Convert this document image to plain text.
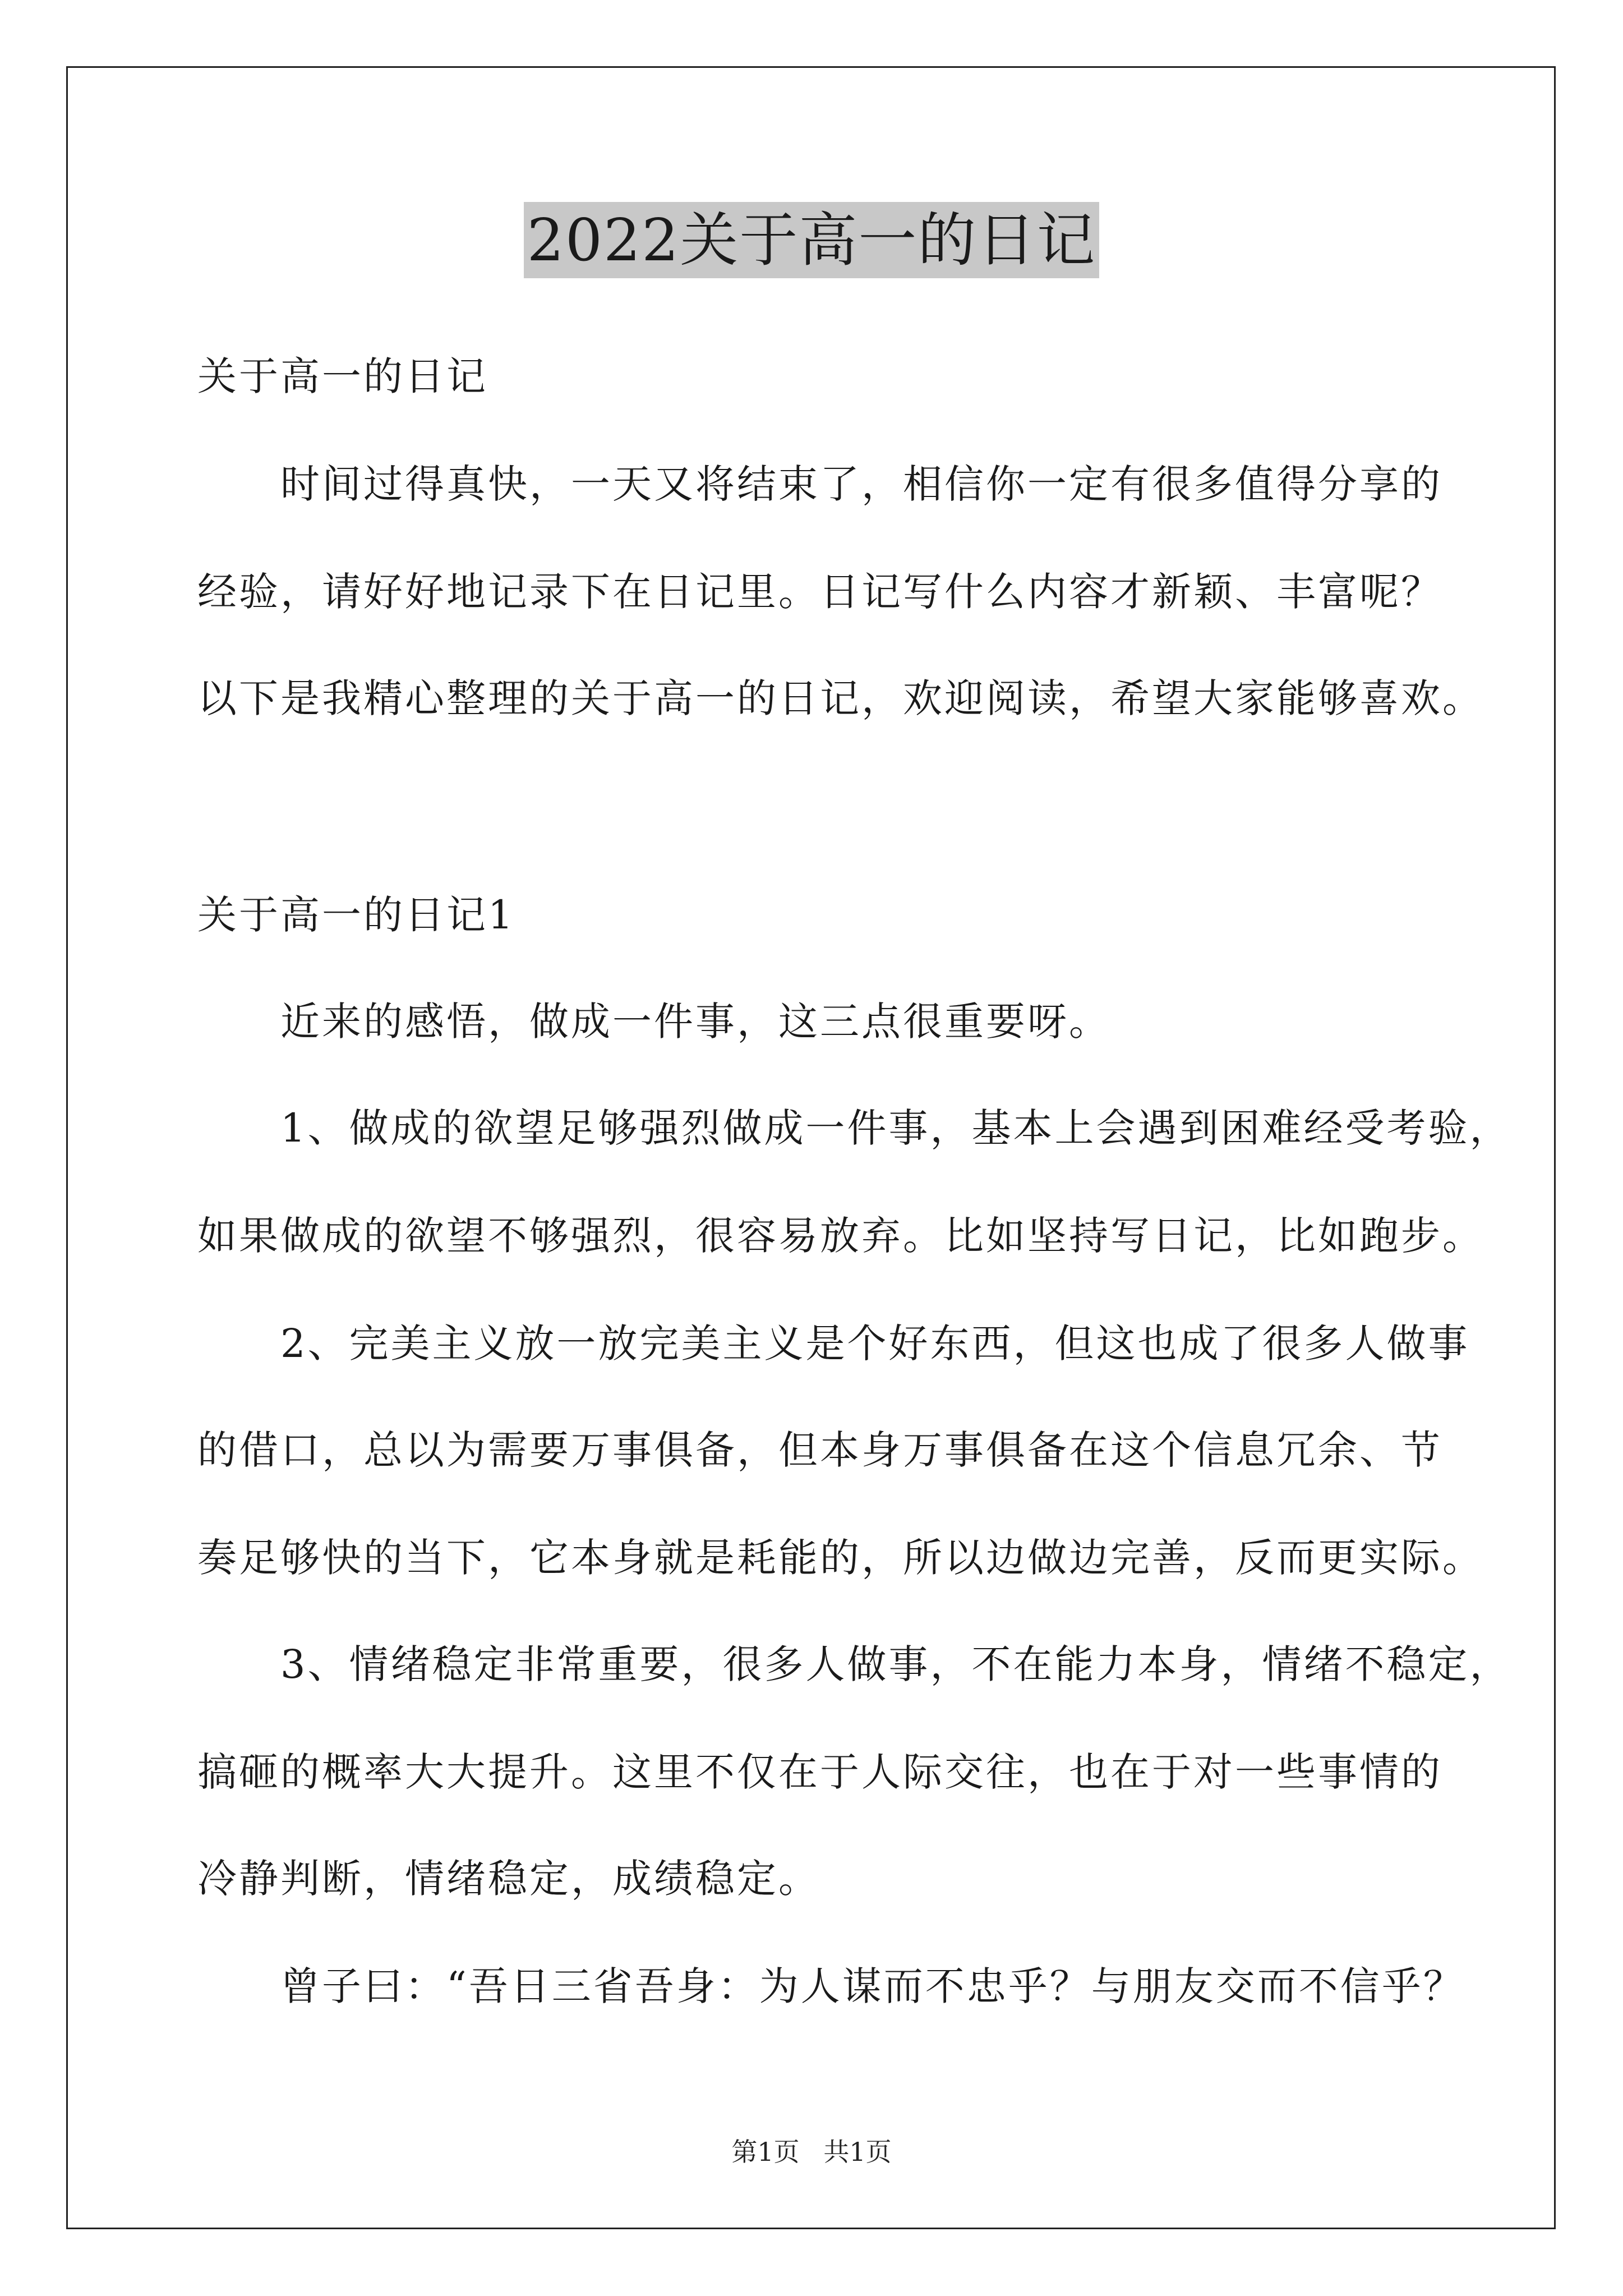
2022关于高一的日记
关于高一的日记
时间过得真快，一天又将结束了，相信你一定有很多值得分享的
经验，请好好地记录下在日记里。日记写什么内容才新颖、丰富呢？
以下是我精心整理的关于高一的日记，欢迎阅读，希望大家能够喜欢。
关于高一的日记1
近来的感悟，做成一件事，这三点很重要呀。
1、做成的欲望足够强烈做成一件事，基本上会遇到困难经受考验，
如果做成的欲望不够强烈，很容易放弃。比如坚持写日记，比如跑步。
2、完美主义放一放完美主义是个好东西，但这也成了很多人做事
的借口，总以为需要万事俱备，但本身万事俱备在这个信息冗余、节
奏足够快的当下，它本身就是耗能的，所以边做边完善，反而更实际。
3、情绪稳定非常重要，很多人做事，不在能力本身，情绪不稳定，
搞砸的概率大大提升。这里不仅在于人际交往，也在于对一些事情的
冷静判断，情绪稳定，成绩稳定。
曾子曰：“吾日三省吾身：为人谋而不忠乎？与朋友交而不信乎？
第1页 共1页
